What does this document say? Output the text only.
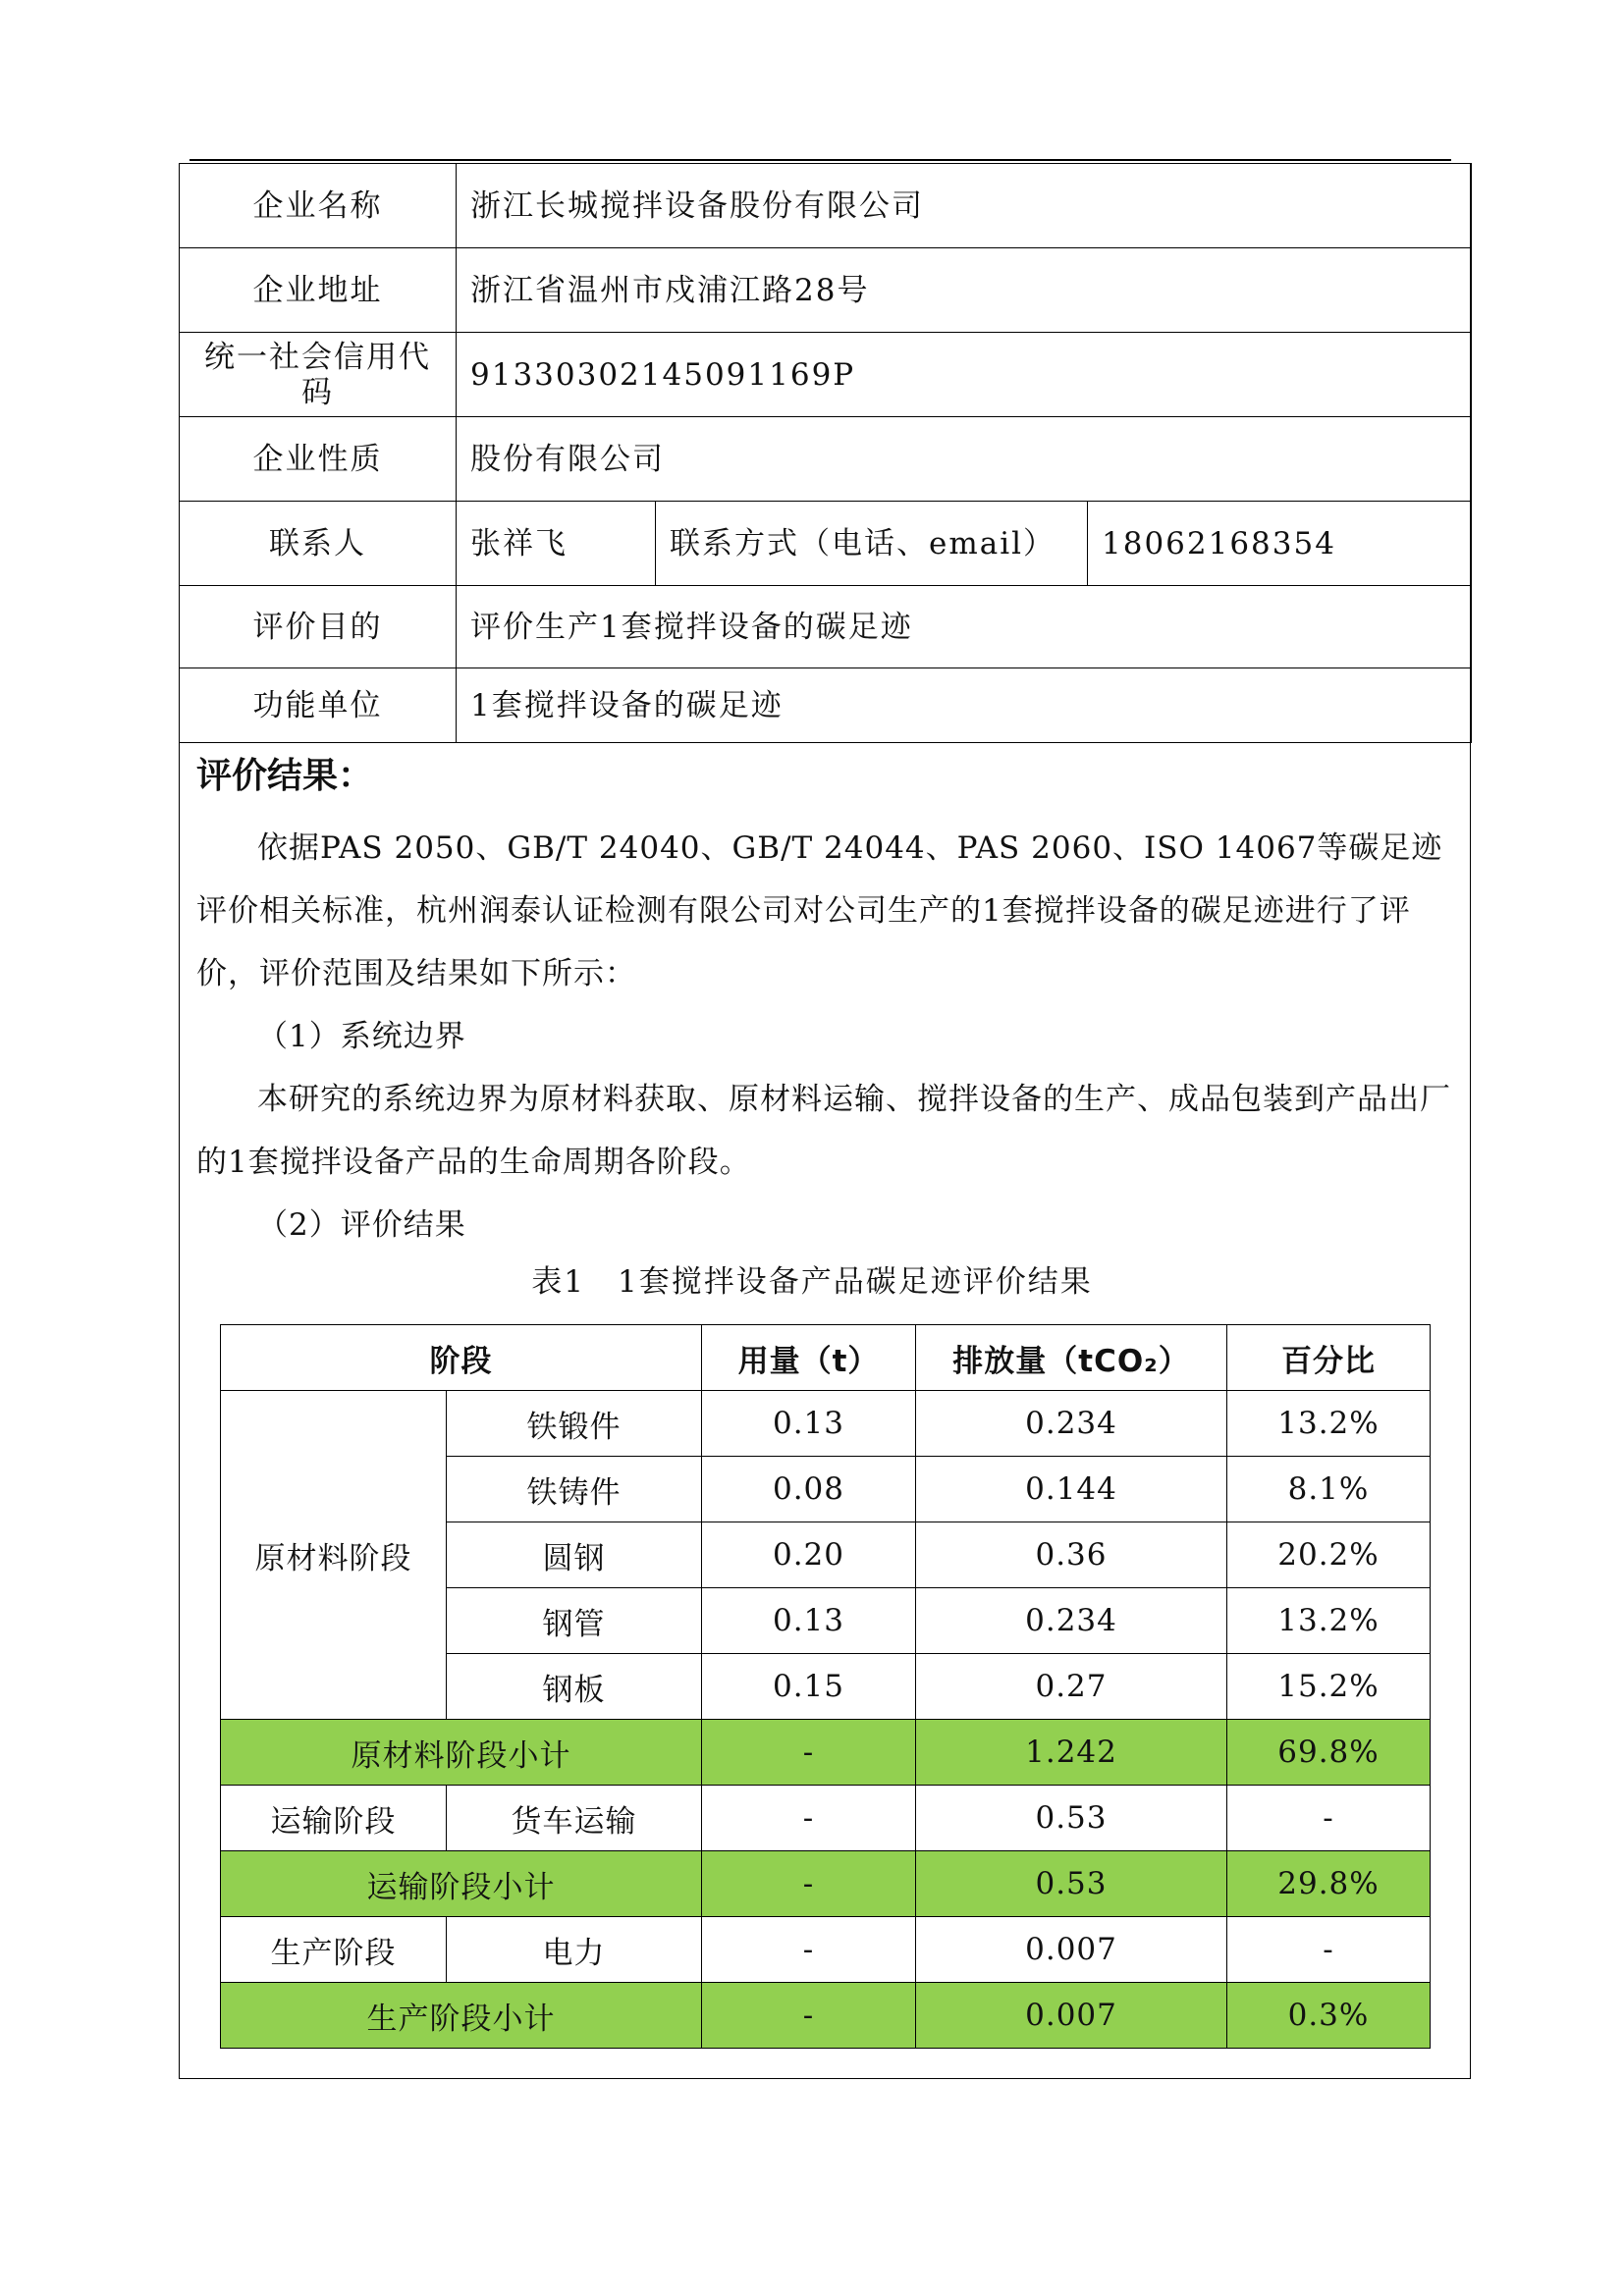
企业名称	浙江长城搅拌设备股份有限公司		
企业地址	浙江省温州市戍浦江路28号		
统一社会信用代码	91330302145091169P		
企业性质	股份有限公司		
联系人	张祥飞	联系方式（电话、email）	18062168354
评价目的	评价生产1套搅拌设备的碳足迹		
功能单位	1套搅拌设备的碳足迹		
评价结果：
依据PAS 2050、GB/T 24040、GB/T 24044、PAS 2060、ISO 14067等碳足迹评价相关标准，杭州润泰认证检测有限公司对公司生产的1套搅拌设备的碳足迹进行了评价，评价范围及结果如下所示：
（1）系统边界
本研究的系统边界为原材料获取、原材料运输、搅拌设备的生产、成品包装到产品出厂的1套搅拌设备产品的生命周期各阶段。
（2）评价结果
表1　1套搅拌设备产品碳足迹评价结果
阶段		用量（t）	排放量（tCO₂）	百分比
原材料阶段	铁锻件	0.13	0.234	13.2%
	铁铸件	0.08	0.144	8.1%
	圆钢	0.20	0.36	20.2%
	钢管	0.13	0.234	13.2%
	钢板	0.15	0.27	15.2%
原材料阶段小计		-	1.242	69.8%
运输阶段	货车运输	-	0.53	-
运输阶段小计		-	0.53	29.8%
生产阶段	电力	-	0.007	-
生产阶段小计		-	0.007	0.3%
